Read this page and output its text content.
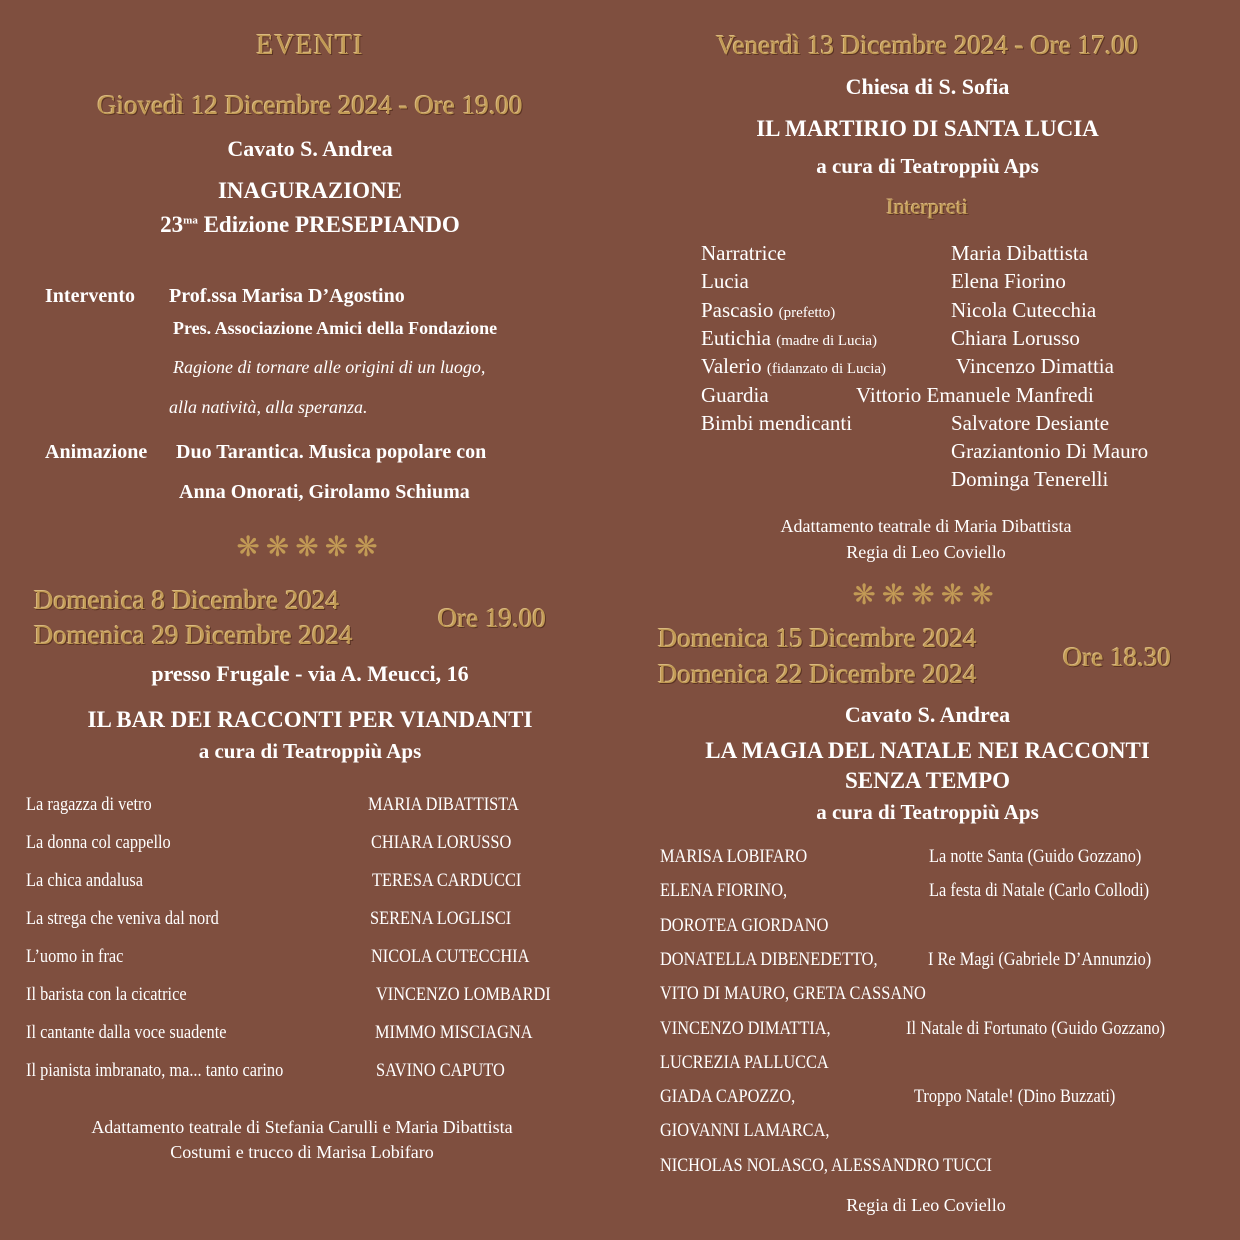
EVENTI
Giovedì 12 Dicembre 2024 - Ore 19.00
Cavato S. Andrea
INAGURAZIONE
$23^{ma}$ Edizione PRESEPIANDO
Intervento Prof.ssa Marisa D’Agostino
Pres. Associazione Amici della Fondazione
Ragione di tornare alle origini di un luogo,
alla natività, alla speranza.
Animazione Duo Tarantica. Musica popolare con
Anna Onorati, Girolamo Schiuma
❋❋❋❋❋
Domenica 8 Dicembre 2024
Domenica 29 Dicembre 2024
Ore 19.00
presso Frugale - via A. Meucci, 16
IL BAR DEI RACCONTI PER VIANDANTI
a cura di Teatroppiù Aps
La ragazza di vetro	MARIA DIBATTISTA
La donna col cappello	CHIARA LORUSSO
La chica andalusa	TERESA CARDUCCI
La strega che veniva dal nord	SERENA LOGLISCI
L’uomo in frac	NICOLA CUTECCHIA
Il barista con la cicatrice	VINCENZO LOMBARDI
Il cantante dalla voce suadente	MIMMO MISCIAGNA
Il pianista imbranato, ma... tanto carino	SAVINO CAPUTO
Adattamento teatrale di Stefania Carulli e Maria Dibattista
Costumi e trucco di Marisa Lobifaro
Venerdì 13 Dicembre 2024 - Ore 17.00
Chiesa di S. Sofia
IL MARTIRIO DI SANTA LUCIA
a cura di Teatroppiù Aps
Interpreti
Narratrice	Maria Dibattista
Lucia	Elena Fiorino
Pascasio (prefetto)	Nicola Cutecchia
Eutichia (madre di Lucia)	Chiara Lorusso
Valerio (fidanzato di Lucia)	Vincenzo Dimattia
Guardia	Vittorio Emanuele Manfredi
Bimbi mendicanti	Salvatore Desiante
Graziantonio Di Mauro
Dominga Tenerelli
Adattamento teatrale di Maria Dibattista
Regia di Leo Coviello
❋❋❋❋❋
Domenica 15 Dicembre 2024
Domenica 22 Dicembre 2024
Ore 18.30
Cavato S. Andrea
LA MAGIA DEL NATALE NEI RACCONTI
SENZA TEMPO
a cura di Teatroppiù Aps
MARISA LOBIFARO	La notte Santa (Guido Gozzano)
ELENA FIORINO,	La festa di Natale (Carlo Collodi)
DOROTEA GIORDANO
DONATELLA DIBENEDETTO,	I Re Magi (Gabriele D’Annunzio)
VITO DI MAURO, GRETA CASSANO
VINCENZO DIMATTIA,	Il Natale di Fortunato (Guido Gozzano)
LUCREZIA PALLUCCA
GIADA CAPOZZO,	Troppo Natale! (Dino Buzzati)
GIOVANNI LAMARCA,
NICHOLAS NOLASCO, ALESSANDRO TUCCI
Regia di Leo Coviello
